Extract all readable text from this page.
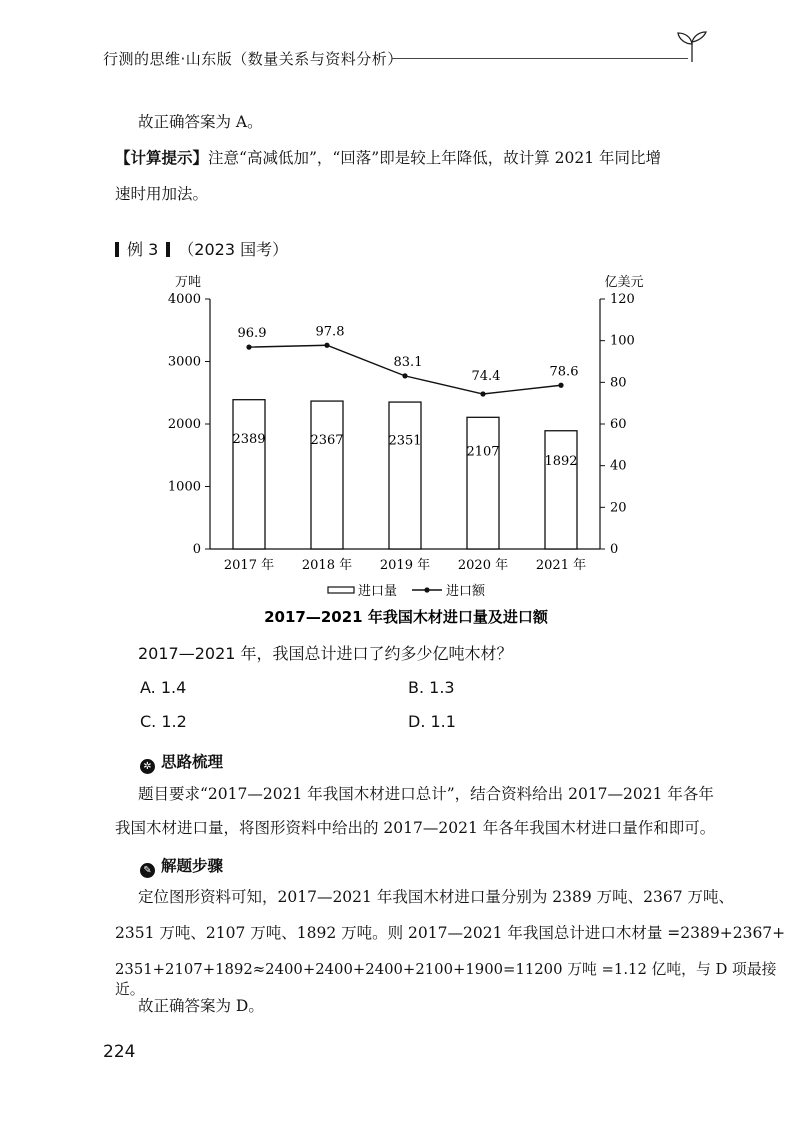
行测的思维·山东版（数量关系与资料分析）
故正确答案为 A。
【计算提示】注意“高减低加”，“回落”即是较上年降低，故计算 2021 年同比增
速时用加法。
例 3 （2023 国考）
万吨	亿美元
0
1000
2000
3000
4000
0
20
40
60
80
100
120
2389	2367	2351
2107
1892
2017 年 2018 年 2019 年 2020 年 2021 年
96.9	97.8
83.1
74.4	78.6
进口量	进口额
2017—2021 年我国木材进口量及进口额
2017—2021 年，我国总计进口了约多少亿吨木材？
A. 1.4	B. 1.3
C. 1.2	D. 1.1
✲ 思路梳理
题目要求“2017—2021 年我国木材进口总计”，结合资料给出 2017—2021 年各年
我国木材进口量，将图形资料中给出的 2017—2021 年各年我国木材进口量作和即可。
✎ 解题步骤
定位图形资料可知，2017—2021 年我国木材进口量分别为 2389 万吨、2367 万吨、
2351 万吨、2107 万吨、1892 万吨。则 2017—2021 年我国总计进口木材量 =2389+2367+
2351+2107+1892≈2400+2400+2400+2100+1900=11200 万吨 =1.12 亿吨，与 D 项最接近。
故正确答案为 D。
224
